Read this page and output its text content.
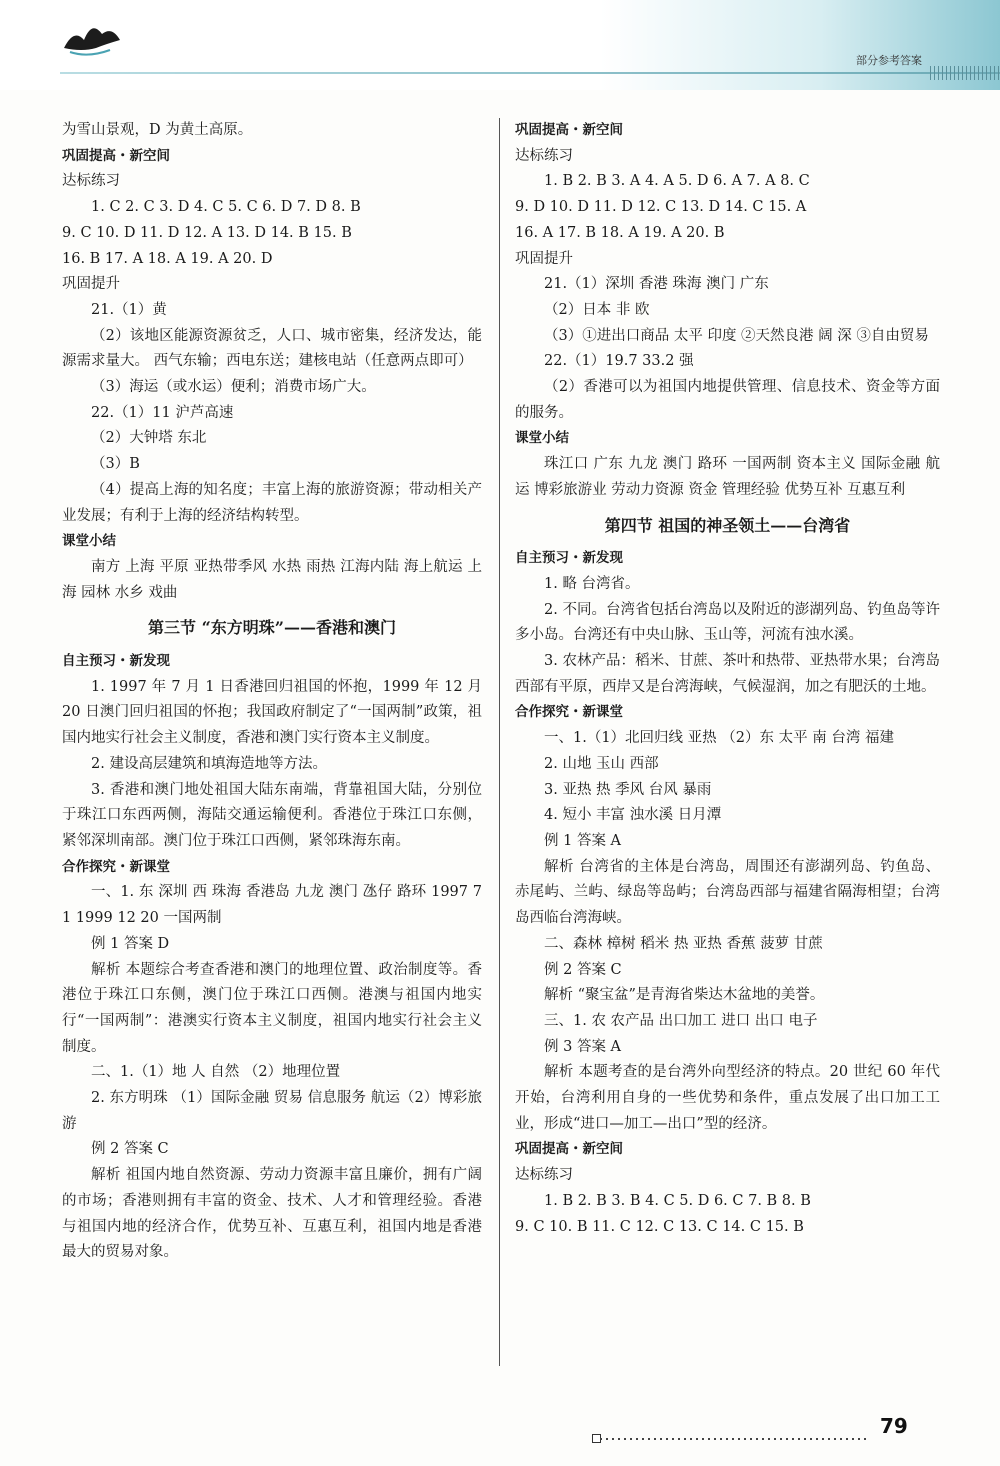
部分参考答案

为雪山景观，D 为黄土高原。

巩固提高・新空间

达标练习

1. C 2. C 3. D 4. C 5. C 6. D 7. D 8. B

9. C 10. D 11. D 12. A 13. D 14. B 15. B

16. B 17. A 18. A 19. A 20. D

巩固提升

21.（1）黄

（2）该地区能源资源贫乏，人口、城市密集，经济发达，能源需求量大。 西气东输；西电东送；建核电站（任意两点即可）

（3）海运（或水运）便利；消费市场广大。

22.（1）11 沪芦高速

（2）大钟塔 东北

（3）B

（4）提高上海的知名度；丰富上海的旅游资源；带动相关产业发展；有利于上海的经济结构转型。

课堂小结

南方 上海 平原 亚热带季风 水热 雨热 江海内陆 海上航运 上海 园林 水乡 戏曲

第三节 “东方明珠”——香港和澳门

自主预习・新发现

1. 1997 年 7 月 1 日香港回归祖国的怀抱，1999 年 12 月 20 日澳门回归祖国的怀抱；我国政府制定了“一国两制”政策，祖国内地实行社会主义制度，香港和澳门实行资本主义制度。

2. 建设高层建筑和填海造地等方法。

3. 香港和澳门地处祖国大陆东南端，背靠祖国大陆，分别位于珠江口东西两侧，海陆交通运输便利。香港位于珠江口东侧，紧邻深圳南部。澳门位于珠江口西侧，紧邻珠海东南。

合作探究・新课堂

一、1. 东 深圳 西 珠海 香港岛 九龙 澳门 氹仔 路环 1997 7 1 1999 12 20 一国两制

例 1 答案 D

解析 本题综合考查香港和澳门的地理位置、政治制度等。香港位于珠江口东侧，澳门位于珠江口西侧。港澳与祖国内地实行“一国两制”：港澳实行资本主义制度，祖国内地实行社会主义制度。

二、1.（1）地 人 自然 （2）地理位置

2. 东方明珠 （1）国际金融 贸易 信息服务 航运（2）博彩旅游

例 2 答案 C

解析 祖国内地自然资源、劳动力资源丰富且廉价，拥有广阔的市场；香港则拥有丰富的资金、技术、人才和管理经验。香港与祖国内地的经济合作，优势互补、互惠互利，祖国内地是香港最大的贸易对象。

巩固提高・新空间

达标练习

1. B 2. B 3. A 4. A 5. D 6. A 7. A 8. C

9. D 10. D 11. D 12. C 13. D 14. C 15. A

16. A 17. B 18. A 19. A 20. B

巩固提升

21.（1）深圳 香港 珠海 澳门 广东

（2）日本 非 欧

（3）①进出口商品 太平 印度 ②天然良港 阔 深 ③自由贸易

22.（1）19.7 33.2 强

（2）香港可以为祖国内地提供管理、信息技术、资金等方面的服务。

课堂小结

珠江口 广东 九龙 澳门 路环 一国两制 资本主义 国际金融 航运 博彩旅游业 劳动力资源 资金 管理经验 优势互补 互惠互利

第四节 祖国的神圣领土——台湾省

自主预习・新发现

1. 略 台湾省。

2. 不同。台湾省包括台湾岛以及附近的澎湖列岛、钓鱼岛等许多小岛。台湾还有中央山脉、玉山等，河流有浊水溪。

3. 农林产品：稻米、甘蔗、茶叶和热带、亚热带水果；台湾岛西部有平原，西岸又是台湾海峡，气候湿润，加之有肥沃的土地。

合作探究・新课堂

一、1.（1）北回归线 亚热 （2）东 太平 南 台湾 福建

2. 山地 玉山 西部

3. 亚热 热 季风 台风 暴雨

4. 短小 丰富 浊水溪 日月潭

例 1 答案 A

解析 台湾省的主体是台湾岛，周围还有澎湖列岛、钓鱼岛、赤尾屿、兰屿、绿岛等岛屿；台湾岛西部与福建省隔海相望；台湾岛西临台湾海峡。

二、森林 樟树 稻米 热 亚热 香蕉 菠萝 甘蔗

例 2 答案 C

解析 “聚宝盆”是青海省柴达木盆地的美誉。

三、1. 农 农产品 出口加工 进口 出口 电子

例 3 答案 A

解析 本题考查的是台湾外向型经济的特点。20 世纪 60 年代开始，台湾利用自身的一些优势和条件，重点发展了出口加工工业，形成“进口—加工—出口”型的经济。

巩固提高・新空间

达标练习

1. B 2. B 3. B 4. C 5. D 6. C 7. B 8. B

9. C 10. B 11. C 12. C 13. C 14. C 15. B

79
